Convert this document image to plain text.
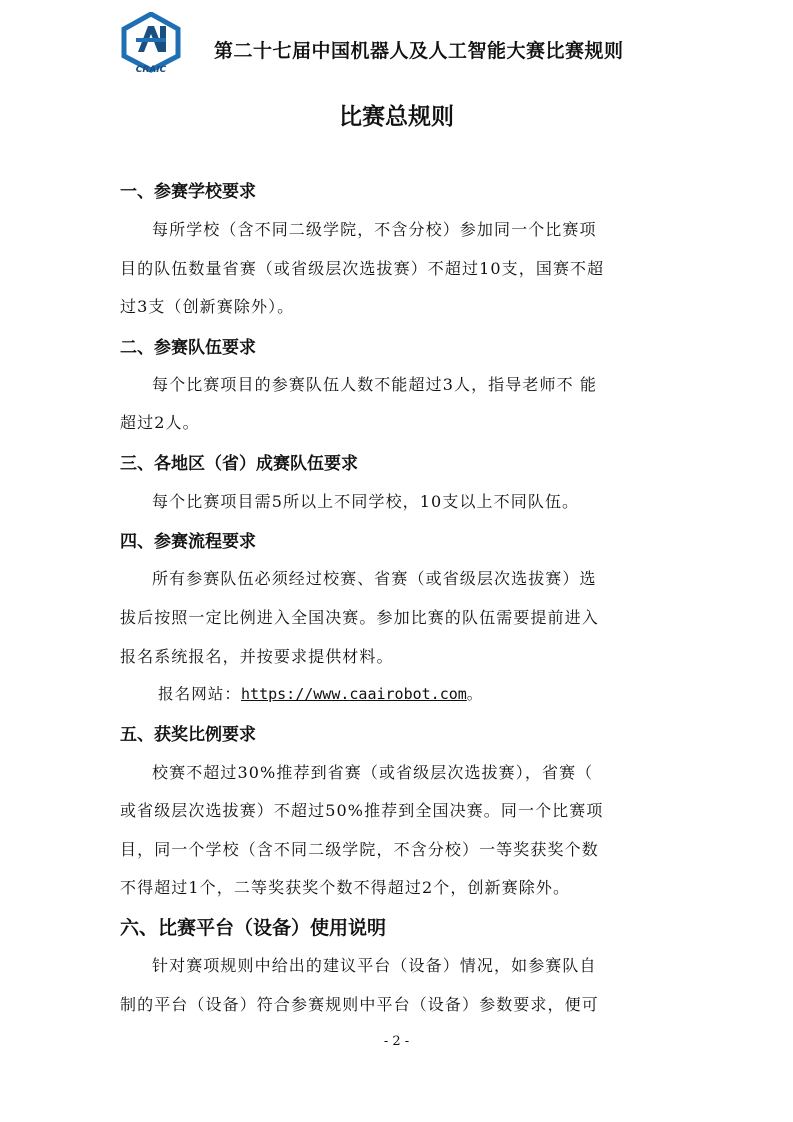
CRAIC
第二十七届中国机器人及人工智能大赛比赛规则
比赛总规则
一、参赛学校要求
每所学校（含不同二级学院，不含分校）参加同一个比赛项
目的队伍数量省赛（或省级层次选拔赛）不超过10支，国赛不超
过3支（创新赛除外）。
二、参赛队伍要求
每个比赛项目的参赛队伍人数不能超过3人，指导老师不 能
超过2人。
三、各地区（省）成赛队伍要求
每个比赛项目需5所以上不同学校，10支以上不同队伍。
四、参赛流程要求
所有参赛队伍必须经过校赛、省赛（或省级层次选拔赛）选
拔后按照一定比例进入全国决赛。参加比赛的队伍需要提前进入
报名系统报名，并按要求提供材料。
报名网站：https://www.caairobot.com。
五、获奖比例要求
校赛不超过30%推荐到省赛（或省级层次选拔赛），省赛（
或省级层次选拔赛）不超过50%推荐到全国决赛。同一个比赛项
目，同一个学校（含不同二级学院，不含分校）一等奖获奖个数
不得超过1个，二等奖获奖个数不得超过2个，创新赛除外。
六、比赛平台（设备）使用说明
针对赛项规则中给出的建议平台（设备）情况，如参赛队自
制的平台（设备）符合参赛规则中平台（设备）参数要求，便可
- 2 -
